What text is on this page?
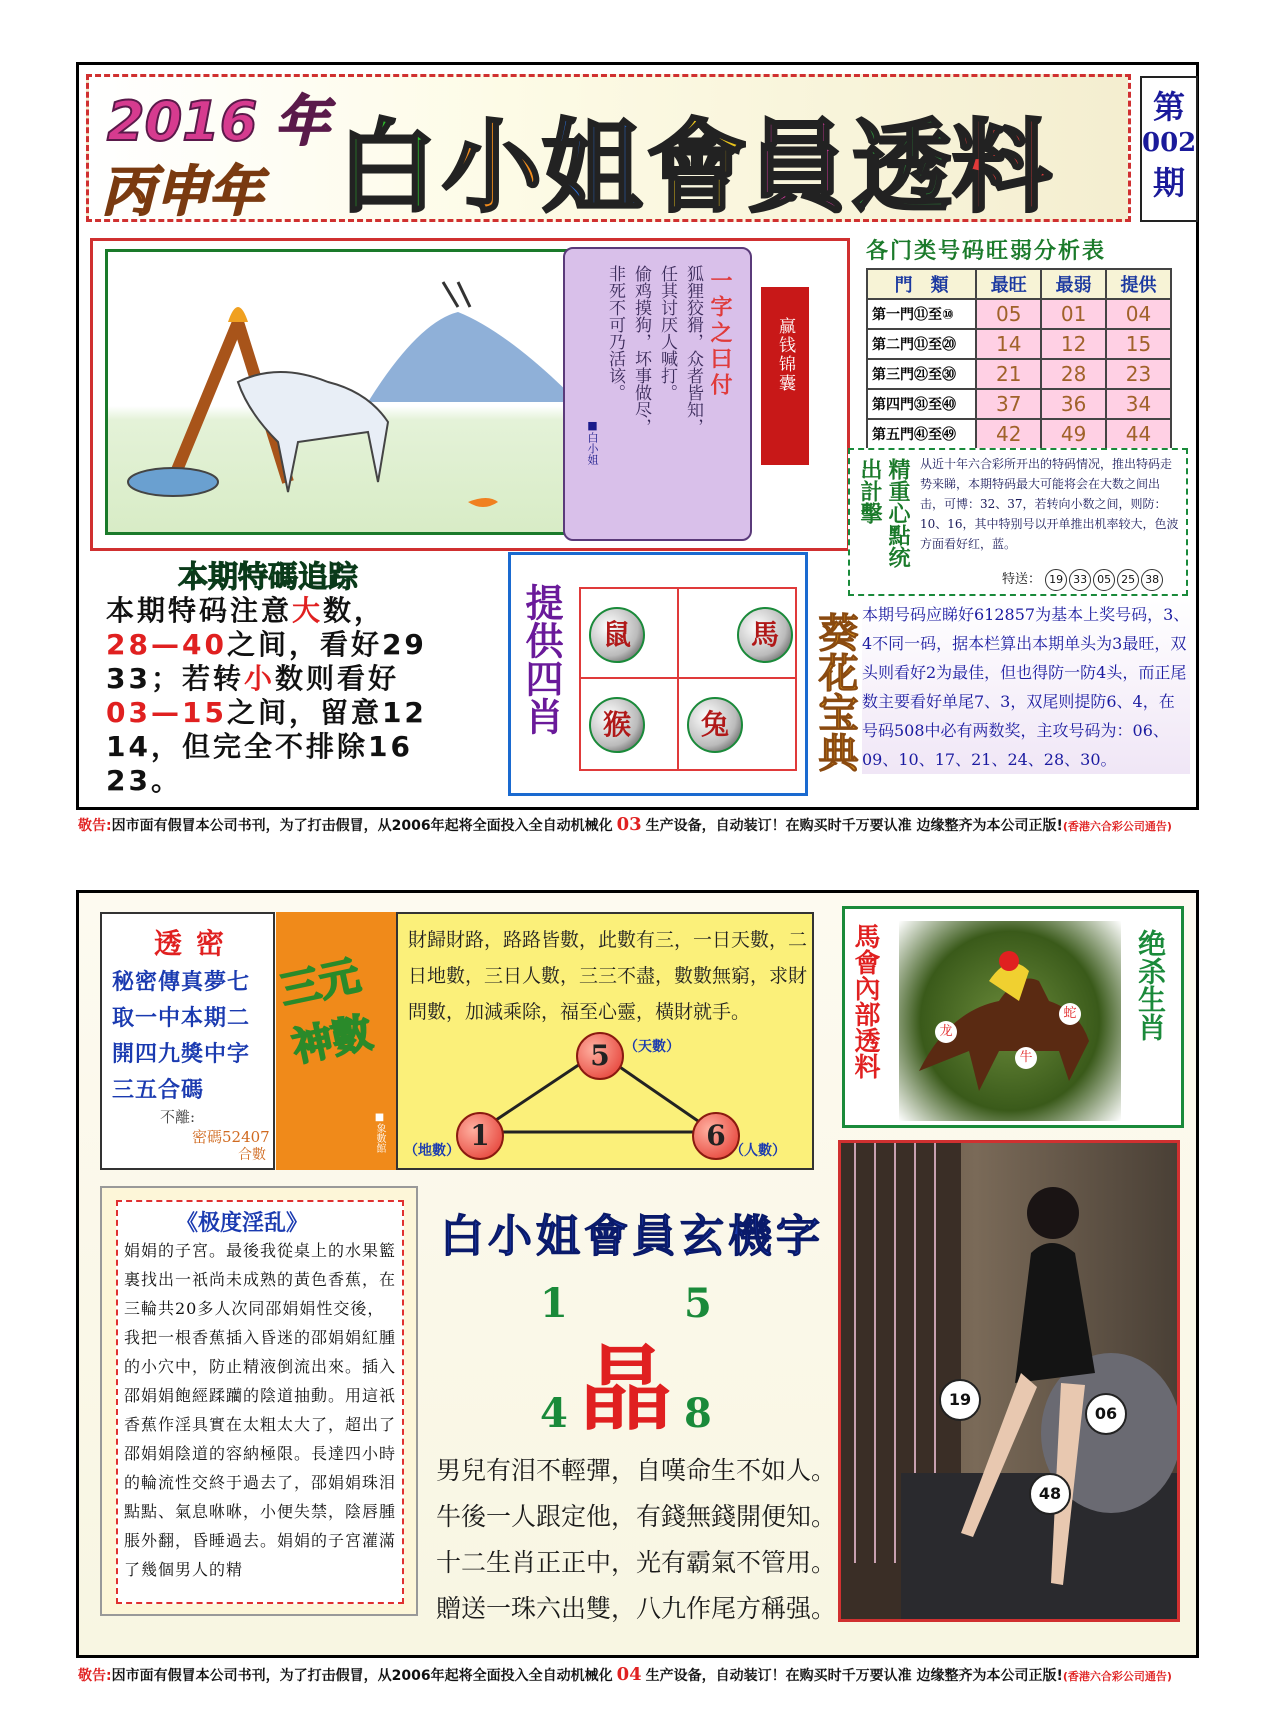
2016 年
丙申年 白 小 姐 會 員 透 料
第
002
期
一字之曰付
狐狸狡猾，众者皆知，
任其讨厌人喊打。
偷鸡摸狗，坏事做尽，
非死不可乃活该。
■白小姐
赢钱锦囊
各门类号码旺弱分析表
門　類	最旺	最弱	提供
第一門⑪至⑩	05	01	04
第二門⑪至⑳	14	12	15
第三門㉑至㉚	21	28	23
第四門㉛至㊵	37	36	34
第五門㊶至㊾	42	49	44
精重心點统出計擊	从近十年六合彩所开出的特码情况，推出特码走势来睇，本期特码最大可能将会在大数之间出击，可博：32、37，若转向小数之间，则防：10、16，其中特别号以开单推出机率较大，色波方面看好红，蓝。
特送： 19 33 05 25 38
本期特碼追踪
本期特码注意大数，
28—40之间，看好29
33；若转小数则看好
03—15之间，留意12
14，但完全不排除16
23。
提供四肖	鼠	馬
猴	兔	葵花宝典 本期号码应睇好612857为基本上奖号码，3、4不同一码，据本栏算出本期单头为3最旺，双头则看好2为最佳，但也得防一防4头，而正尾数主要看好单尾7、3，双尾则提防6、4，在号码508中必有两数奖，主攻号码为：06、09、10、17、21、24、28、30。
敬告:因市面有假冒本公司书刊，为了打击假冒，从2006年起将全面投入全自动机械化 03 生产设备，自动装订！在购买时千万要认准 边缘整齐为本公司正版!(香港六合彩公司通告)
透密
秘密傳真夢七取一中本期二開四九獎中字三五合碼
不離:
密碼52407
合數
三元神數
■象數館
財歸財路，路路皆數，此數有三，一日天數，二日地數，三日人數，三三不盡，數數無窮，求財問數，加減乘除，福至心靈，橫財就手。
5
1	6
（天數）
（地數）	（人數）
馬會內部透料	龙
牛
蛇 绝杀生肖
《极度淫乱》
娟娟的子宮。最後我從桌上的水果籃裏找出一祇尚未成熟的黃色香蕉，在三輪共20多人次同邵娟娟性交後，我把一根香蕉插入昏迷的邵娟娟紅腫的小穴中，防止精液倒流出來。插入邵娟娟飽經蹂躪的陰道抽動。用這祇香蕉作淫具實在太粗太大了，超出了邵娟娟陰道的容納極限。長達四小時的輪流性交終于過去了，邵娟娟珠泪點點、氣息咻咻，小便失禁，陰唇腫脹外翻，昏睡過去。娟娟的子宮灌滿了幾個男人的精
白小姐會員玄機字
1	5
晶
4	8
男兒有泪不輕彈，自嘆命生不如人。
牛後一人跟定他，有錢無錢開便知。
十二生肖正正中，光有霸氣不管用。
贈送一珠六出雙，八九作尾方稱强。
19
06
48
敬告:因市面有假冒本公司书刊，为了打击假冒，从2006年起将全面投入全自动机械化 04 生产设备，自动装订！在购买时千万要认准 边缘整齐为本公司正版!(香港六合彩公司通告)
